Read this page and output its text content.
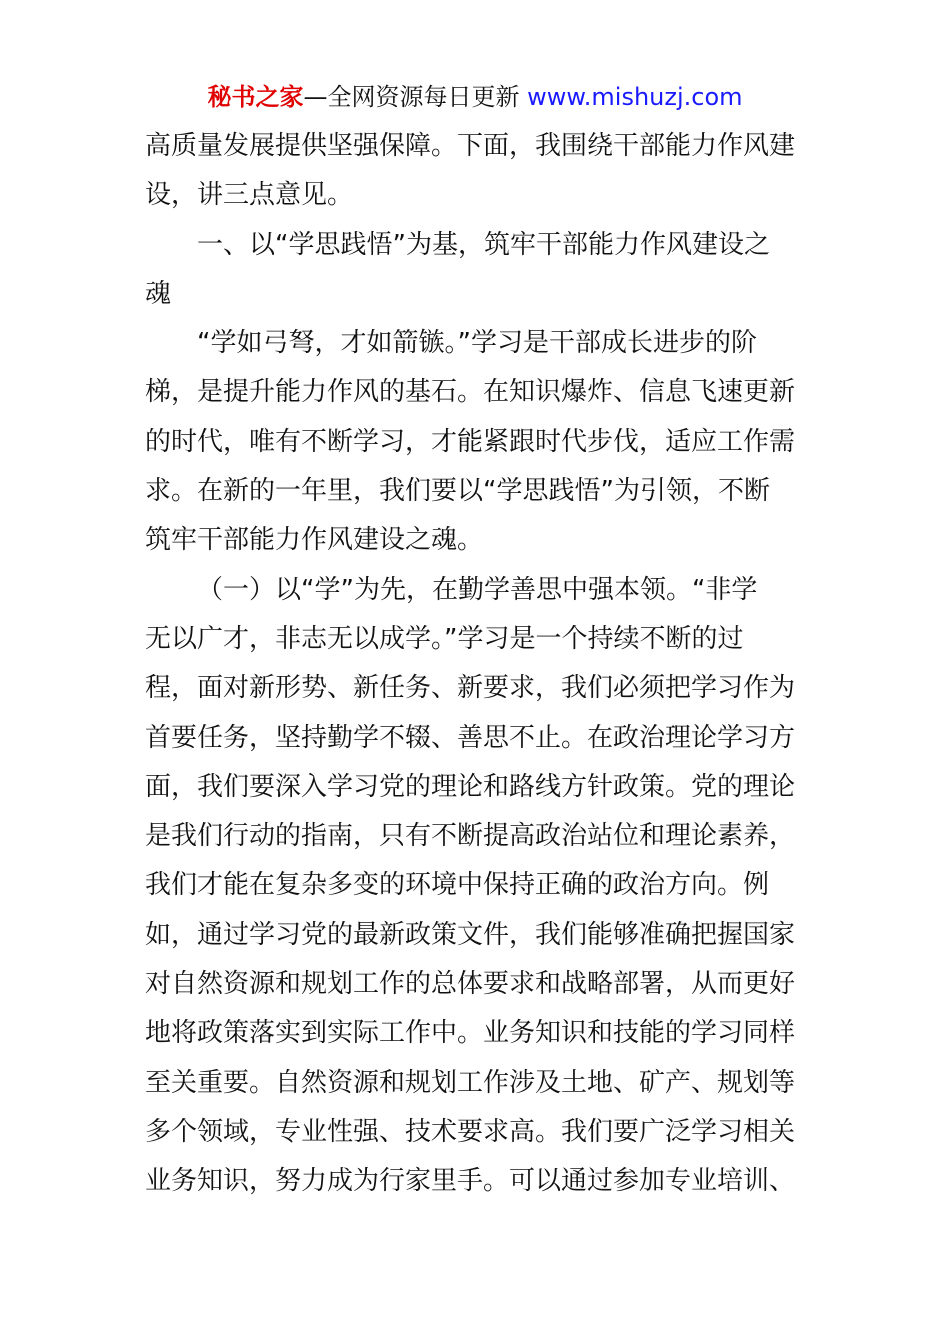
秘书之家—全网资源每日更新 www.mishuzj.com
高质量发展提供坚强保障。下面，我围绕干部能力作风建
设，讲三点意见。
一、以“学思践悟”为基，筑牢干部能力作风建设之
魂
“学如弓弩，才如箭镞。”学习是干部成长进步的阶
梯，是提升能力作风的基石。在知识爆炸、信息飞速更新
的时代，唯有不断学习，才能紧跟时代步伐，适应工作需
求。在新的一年里，我们要以“学思践悟”为引领，不断
筑牢干部能力作风建设之魂。
（一）以“学”为先，在勤学善思中强本领。“非学
无以广才，非志无以成学。”学习是一个持续不断的过
程，面对新形势、新任务、新要求，我们必须把学习作为
首要任务，坚持勤学不辍、善思不止。在政治理论学习方
面，我们要深入学习党的理论和路线方针政策。党的理论
是我们行动的指南，只有不断提高政治站位和理论素养，
我们才能在复杂多变的环境中保持正确的政治方向。例
如，通过学习党的最新政策文件，我们能够准确把握国家
对自然资源和规划工作的总体要求和战略部署，从而更好
地将政策落实到实际工作中。业务知识和技能的学习同样
至关重要。自然资源和规划工作涉及土地、矿产、规划等
多个领域，专业性强、技术要求高。我们要广泛学习相关
业务知识，努力成为行家里手。可以通过参加专业培训、
